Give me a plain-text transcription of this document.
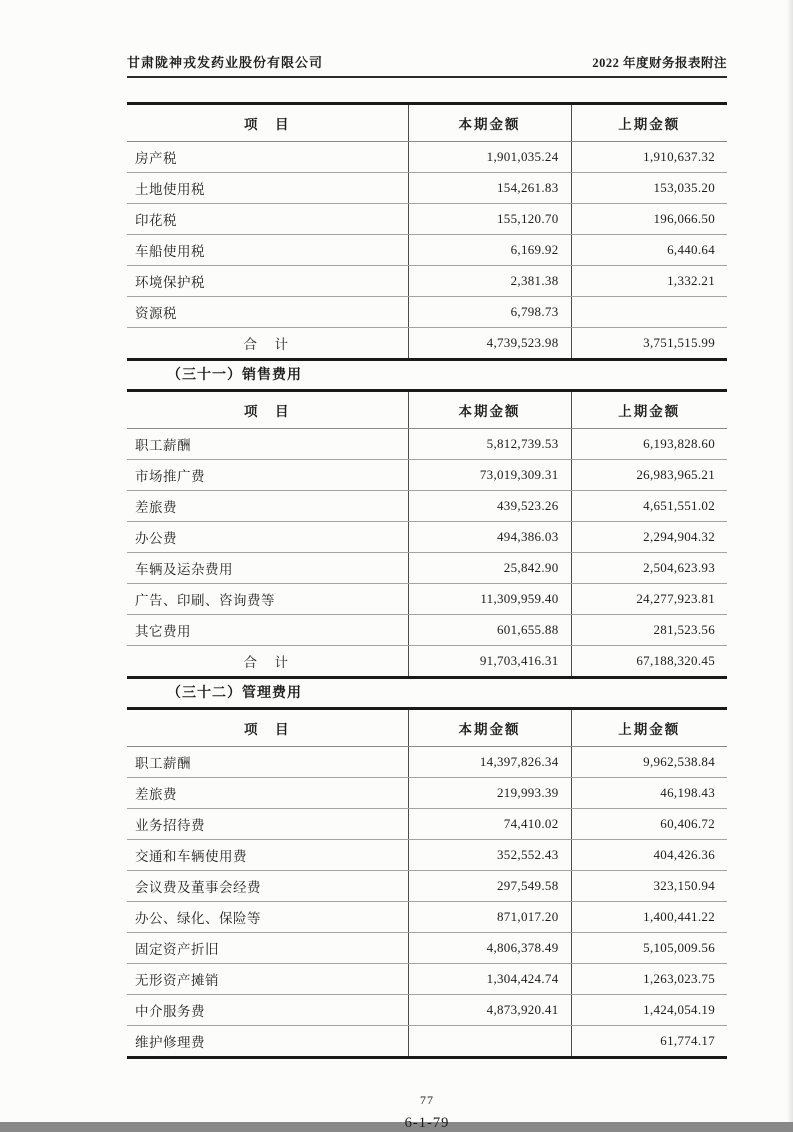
甘肃陇神戎发药业股份有限公司	2022 年度财务报表附注
项　目	本期金额	上期金额
房产税	1,901,035.24	1,910,637.32
土地使用税	154,261.83	153,035.20
印花税	155,120.70	196,066.50
车船使用税	6,169.92	6,440.64
环境保护税	2,381.38	1,332.21
资源税	6,798.73	
合　计	4,739,523.98	3,751,515.99
（三十一）销售费用
项　目	本期金额	上期金额
职工薪酬	5,812,739.53	6,193,828.60
市场推广费	73,019,309.31	26,983,965.21
差旅费	439,523.26	4,651,551.02
办公费	494,386.03	2,294,904.32
车辆及运杂费用	25,842.90	2,504,623.93
广告、印刷、咨询费等	11,309,959.40	24,277,923.81
其它费用	601,655.88	281,523.56
合　计	91,703,416.31	67,188,320.45
（三十二）管理费用
项　目	本期金额	上期金额
职工薪酬	14,397,826.34	9,962,538.84
差旅费	219,993.39	46,198.43
业务招待费	74,410.02	60,406.72
交通和车辆使用费	352,552.43	404,426.36
会议费及董事会经费	297,549.58	323,150.94
办公、绿化、保险等	871,017.20	1,400,441.22
固定资产折旧	4,806,378.49	5,105,009.56
无形资产摊销	1,304,424.74	1,263,023.75
中介服务费	4,873,920.41	1,424,054.19
维护修理费		61,774.17
77
6-1-79
